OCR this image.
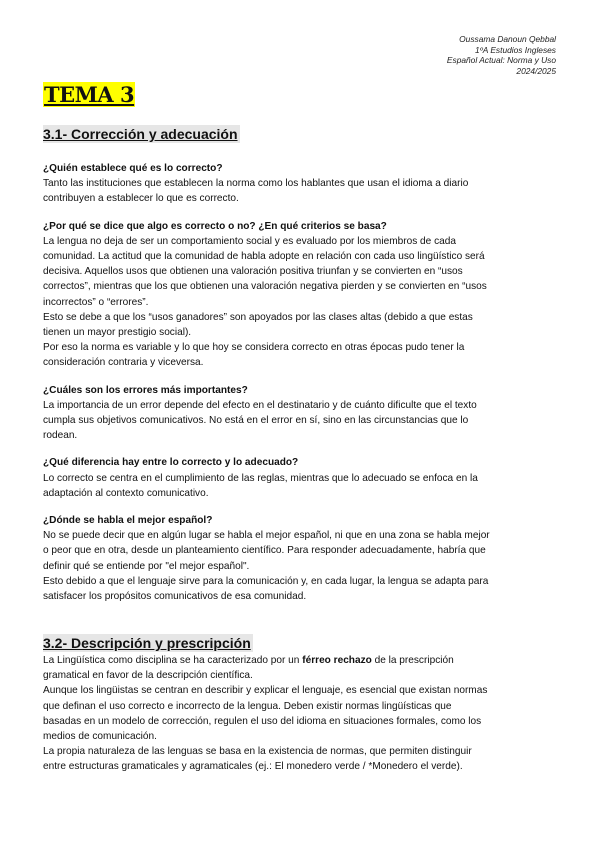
Oussama Danoun Qebbal
1ºA Estudios Ingleses
Español Actual: Norma y Uso
2024/2025
TEMA 3
3.1- Corrección y adecuación

¿Quién establece qué es lo correcto?

Tanto las instituciones que establecen la norma como los hablantes que usan el idioma a diario

contribuyen a establecer lo que es correcto.

¿Por qué se dice que algo es correcto o no? ¿En qué criterios se basa?

La lengua no deja de ser un comportamiento social y es evaluado por los miembros de cada

comunidad. La actitud que la comunidad de habla adopte en relación con cada uso lingüístico será

decisiva. Aquellos usos que obtienen una valoración positiva triunfan y se convierten en “usos

correctos”, mientras que los que obtienen una valoración negativa pierden y se convierten en “usos

incorrectos” o “errores”.

Esto se debe a que los “usos ganadores” son apoyados por las clases altas (debido a que estas

tienen un mayor prestigio social).

Por eso la norma es variable y lo que hoy se considera correcto en otras épocas pudo tener la

consideración contraria y viceversa.

¿Cuáles son los errores más importantes?

La importancia de un error depende del efecto en el destinatario y de cuánto dificulte que el texto

cumpla sus objetivos comunicativos. No está en el error en sí, sino en las circunstancias que lo

rodean.

¿Qué diferencia hay entre lo correcto y lo adecuado?

Lo correcto se centra en el cumplimiento de las reglas, mientras que lo adecuado se enfoca en la

adaptación al contexto comunicativo.

¿Dónde se habla el mejor español?

No se puede decir que en algún lugar se habla el mejor español, ni que en una zona se habla mejor

o peor que en otra, desde un planteamiento científico. Para responder adecuadamente, habría que

definir qué se entiende por "el mejor español".

Esto debido a que el lenguaje sirve para la comunicación y, en cada lugar, la lengua se adapta para

satisfacer los propósitos comunicativos de esa comunidad.

3.2- Descripción y prescripción

La Lingüística como disciplina se ha caracterizado por un férreo rechazo de la prescripción

gramatical en favor de la descripción científica.

Aunque los lingüistas se centran en describir y explicar el lenguaje, es esencial que existan normas

que definan el uso correcto e incorrecto de la lengua. Deben existir normas lingüísticas que

basadas en un modelo de corrección, regulen el uso del idioma en situaciones formales, como los

medios de comunicación.

La propia naturaleza de las lenguas se basa en la existencia de normas, que permiten distinguir

entre estructuras gramaticales y agramaticales (ej.: El monedero verde / *Monedero el verde).
